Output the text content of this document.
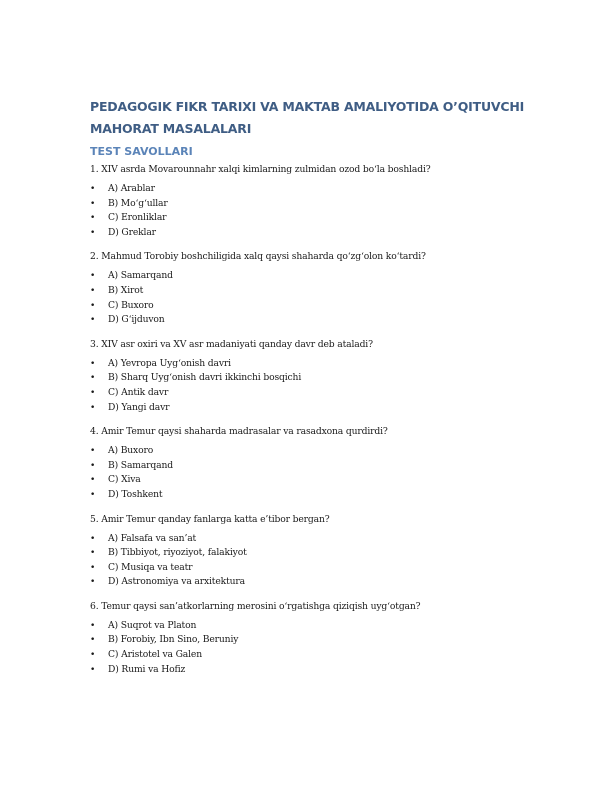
PEDAGOGIK FIKR TARIXI VA MAKTAB AMALIYOTIDA O’QITUVCHI MAHORAT MASALALARI
TEST SAVOLLARI
1. XIV asrda Movarounnahr xalqi kimlarning zulmidan ozod bo‘la boshladi?
• A) Arablar
• B) Mo‘g‘ullar
• C) Eronliklar
• D) Greklar
2. Mahmud Torobiy boshchiligida xalq qaysi shaharda qo‘zg‘olon ko‘tardi?
• A) Samarqand
• B) Xirot
• C) Buxoro
• D) G‘ijduvon
3. XIV asr oxiri va XV asr madaniyati qanday davr deb ataladi?
• A) Yevropa Uyg‘onish davri
• B) Sharq Uyg‘onish davri ikkinchi bosqichi
• C) Antik davr
• D) Yangi davr
4. Amir Temur qaysi shaharda madrasalar va rasadxona qurdirdi?
• A) Buxoro
• B) Samarqand
• C) Xiva
• D) Toshkent
5. Amir Temur qanday fanlarga katta e’tibor bergan?
• A) Falsafa va san’at
• B) Tibbiyot, riyoziyot, falakiyot
• C) Musiqa va teatr
• D) Astronomiya va arxitektura
6. Temur qaysi san’atkorlarning merosini o‘rgatishga qiziqish uyg‘otgan?
• A) Suqrot va Platon
• B) Forobiy, Ibn Sino, Beruniy
• C) Aristotel va Galen
• D) Rumi va Hofiz
